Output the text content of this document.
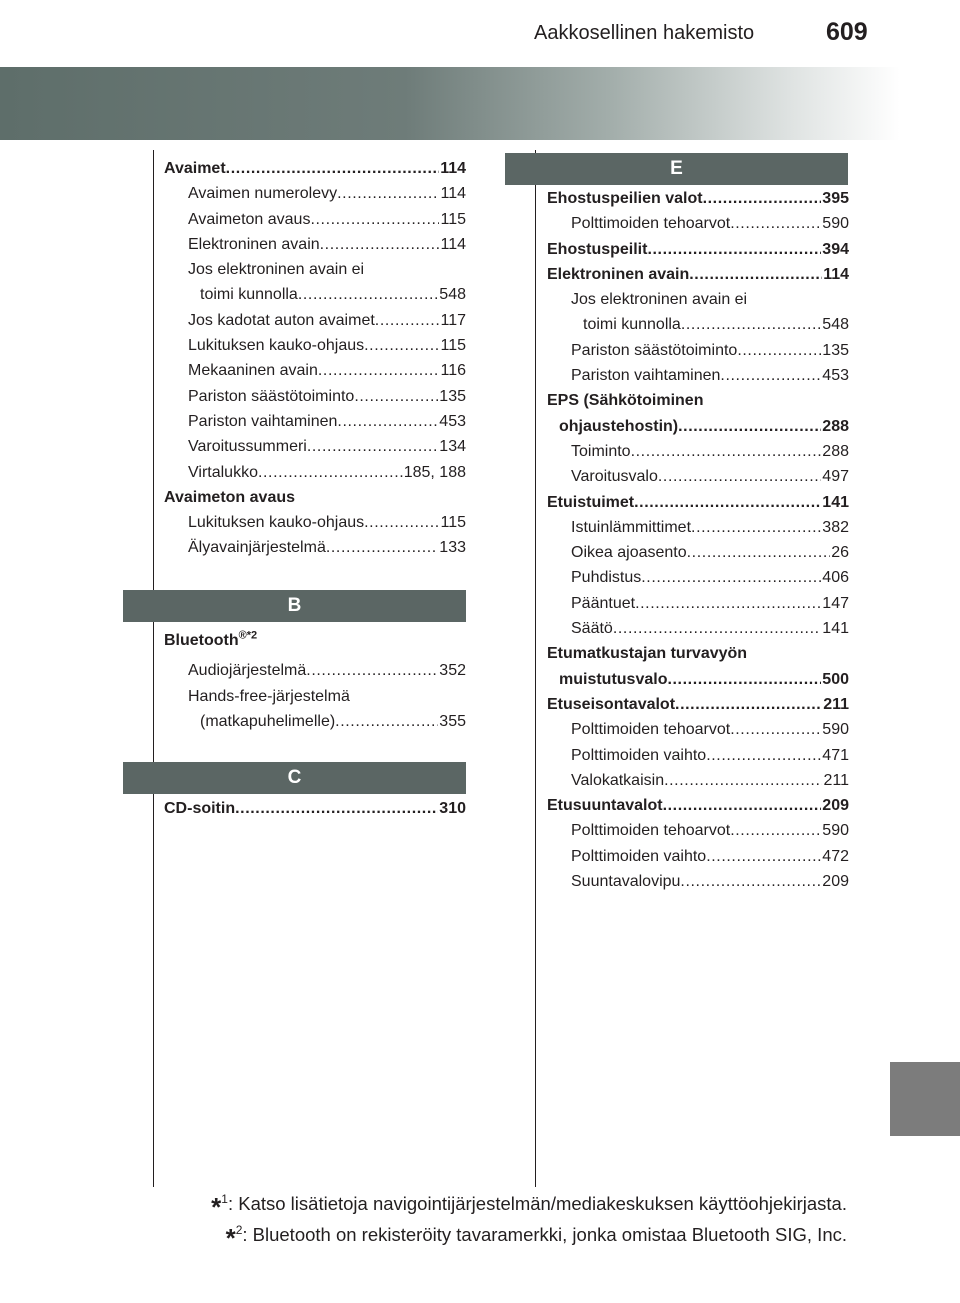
Aakkosellinen hakemisto	609
Avaimet .....	114
Avaimen numerolevy .....	114
Avaimeton avaus .....	115
Elektroninen avain .....	114
Jos elektroninen avain ei
toimi kunnolla .....	548
Jos kadotat auton avaimet .....	117
Lukituksen kauko-ohjaus .....	115
Mekaaninen avain .....	116
Pariston säästötoiminto .....	135
Pariston vaihtaminen .....	453
Varoitussummeri .....	134
Virtalukko .....	185, 188
Avaimeton avaus
Lukituksen kauko-ohjaus .....	115
Älyavainjärjestelmä .....	133
B
Bluetooth$^{®*2}$
Audiojärjestelmä .....	352
Hands-free-järjestelmä
(matkapuhelimelle) .....	355
C
CD-soitin .....	310
E
Ehostuspeilien valot .....	395
Polttimoiden tehoarvot .....	590
Ehostuspeilit .....	394
Elektroninen avain .....	114
Jos elektroninen avain ei
toimi kunnolla .....	548
Pariston säästötoiminto .....	135
Pariston vaihtaminen .....	453
EPS (Sähkötoiminen
ohjaustehostin) .....	288
Toiminto .....	288
Varoitusvalo .....	497
Etuistuimet .....	141
Istuinlämmittimet .....	382
Oikea ajoasento .....	26
Puhdistus .....	406
Pääntuet .....	147
Säätö .....	141
Etumatkustajan turvavyön
muistutusvalo .....	500
Etuseisontavalot .....	211
Polttimoiden tehoarvot .....	590
Polttimoiden vaihto .....	471
Valokatkaisin .....	211
Etusuuntavalot .....	209
Polttimoiden tehoarvot .....	590
Polttimoiden vaihto .....	472
Suuntavalovipu .....	209
*$^1$: Katso lisätietoja navigointijärjestelmän/mediakeskuksen käyttöohjekirjasta.
*$^2$: Bluetooth on rekisteröity tavaramerkki, jonka omistaa Bluetooth SIG, Inc.
